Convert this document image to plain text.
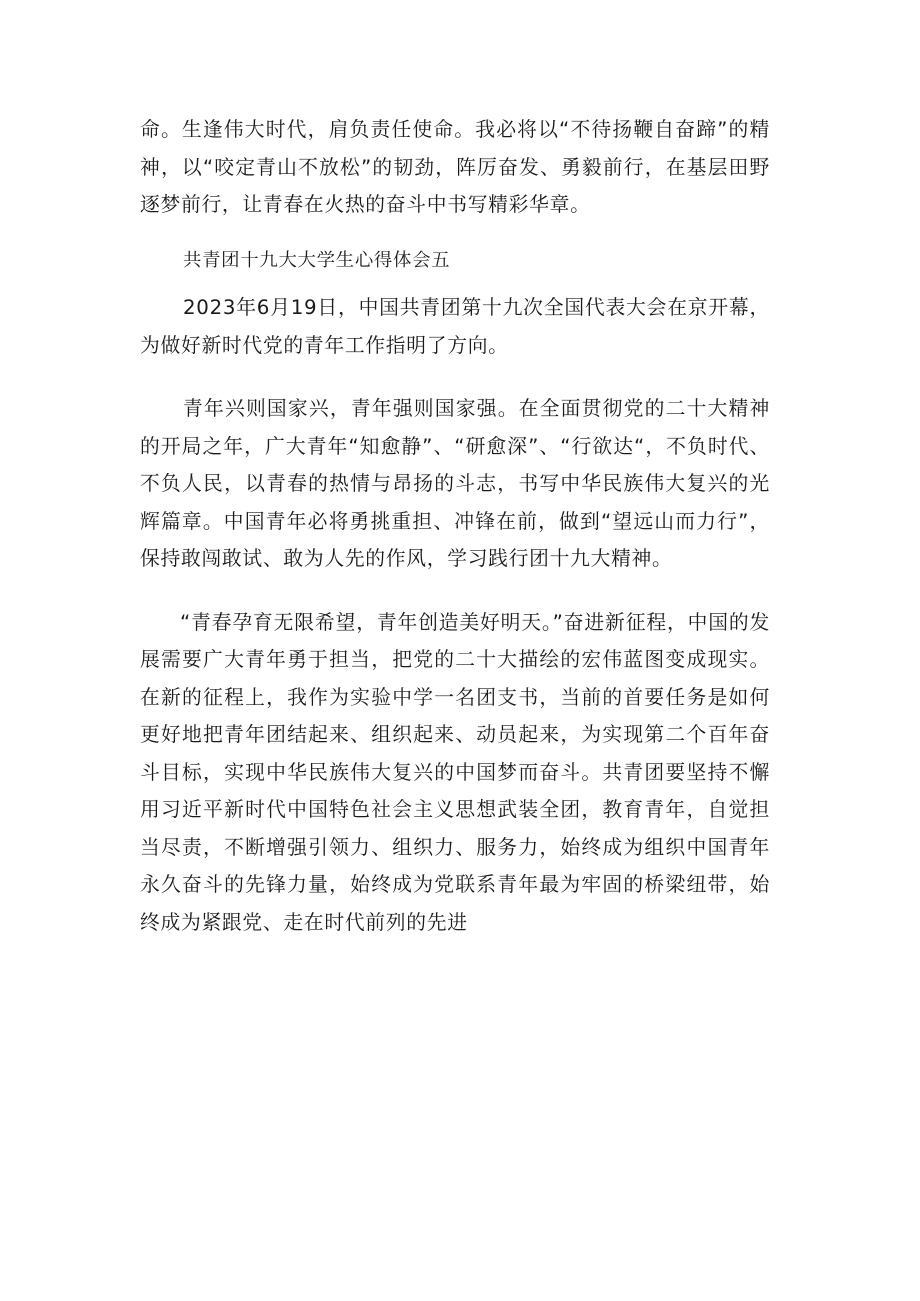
命。生逢伟大时代，肩负责任使命。我必将以“不待扬鞭自奋蹄”的精神，以“咬定青山不放松”的韧劲，阵厉奋发、勇毅前行，在基层田野逐梦前行，让青春在火热的奋斗中书写精彩华章。

共青团十九大大学生心得体会五

2023年6月19日，中国共青团第十九次全国代表大会在京开幕，为做好新时代党的青年工作指明了方向。

青年兴则国家兴，青年强则国家强。在全面贯彻党的二十大精神的开局之年，广大青年“知愈静”、“研愈深”、“行欲达“，不负时代、不负人民，以青春的热情与昂扬的斗志，书写中华民族伟大复兴的光辉篇章。中国青年必将勇挑重担、冲锋在前，做到“望远山而力行”，保持敢闯敢试、敢为人先的作风，学习践行团十九大精神。

“青春孕育无限希望，青年创造美好明天。”奋进新征程，中国的发展需要广大青年勇于担当，把党的二十大描绘的宏伟蓝图变成现实。在新的征程上，我作为实验中学一名团支书，当前的首要任务是如何更好地把青年团结起来、组织起来、动员起来，为实现第二个百年奋斗目标，实现中华民族伟大复兴的中国梦而奋斗。共青团要坚持不懈用习近平新时代中国特色社会主义思想武装全团，教育青年，自觉担当尽责，不断增强引领力、组织力、服务力，始终成为组织中国青年永久奋斗的先锋力量，始终成为党联系青年最为牢固的桥梁纽带，始终成为紧跟党、走在时代前列的先进
